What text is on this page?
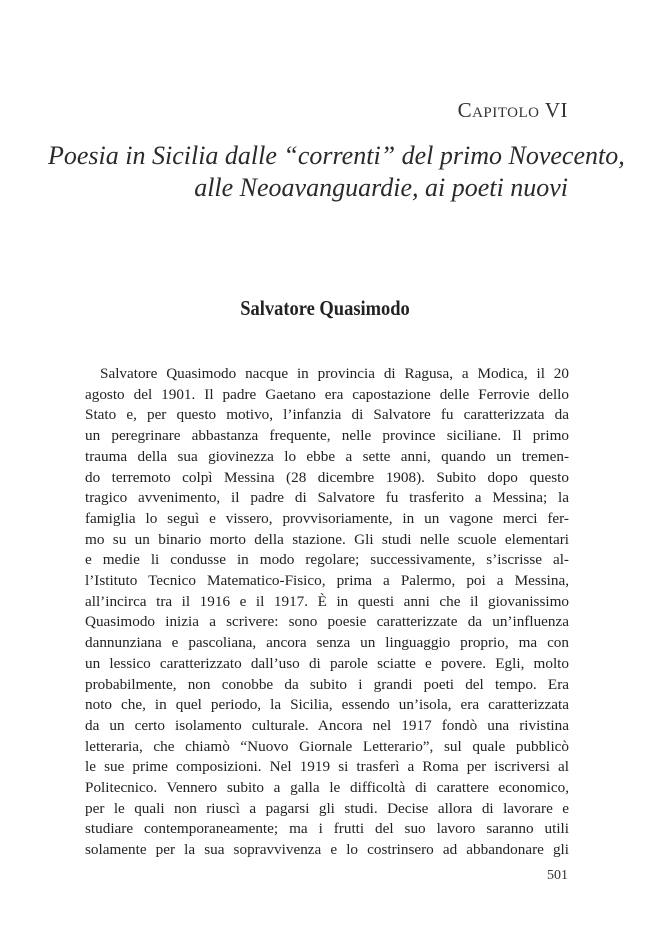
Capitolo VI
Poesia in Sicilia dalle “correnti” del primo Novecento,
alle Neoavanguardie, ai poeti nuovi
Salvatore Quasimodo
Salvatore Quasimodo nacque in provincia di Ragusa, a Modica, il 20
agosto del 1901. Il padre Gaetano era capostazione delle Ferrovie dello
Stato e, per questo motivo, l’infanzia di Salvatore fu caratterizzata da
un peregrinare abbastanza frequente, nelle province siciliane. Il primo
trauma della sua giovinezza lo ebbe a sette anni, quando un tremen-
do terremoto colpì Messina (28 dicembre 1908). Subito dopo questo
tragico avvenimento, il padre di Salvatore fu trasferito a Messina; la
famiglia lo seguì e vissero, provvisoriamente, in un vagone merci fer-
mo su un binario morto della stazione. Gli studi nelle scuole elementari
e medie li condusse in modo regolare; successivamente, s’iscrisse al-
l’Istituto Tecnico Matematico-Fisico, prima a Palermo, poi a Messina,
all’incirca tra il 1916 e il 1917. È in questi anni che il giovanissimo
Quasimodo inizia a scrivere: sono poesie caratterizzate da un’influenza
dannunziana e pascoliana, ancora senza un linguaggio proprio, ma con
un lessico caratterizzato dall’uso di parole sciatte e povere. Egli, molto
probabilmente, non conobbe da subito i grandi poeti del tempo. Era
noto che, in quel periodo, la Sicilia, essendo un’isola, era caratterizzata
da un certo isolamento culturale. Ancora nel 1917 fondò una rivistina
letteraria, che chiamò “Nuovo Giornale Letterario”, sul quale pubblicò
le sue prime composizioni. Nel 1919 si trasferì a Roma per iscriversi al
Politecnico. Vennero subito a galla le difficoltà di carattere economico,
per le quali non riuscì a pagarsi gli studi. Decise allora di lavorare e
studiare contemporaneamente; ma i frutti del suo lavoro saranno utili
solamente per la sua sopravvivenza e lo costrinsero ad abbandonare gli
501
